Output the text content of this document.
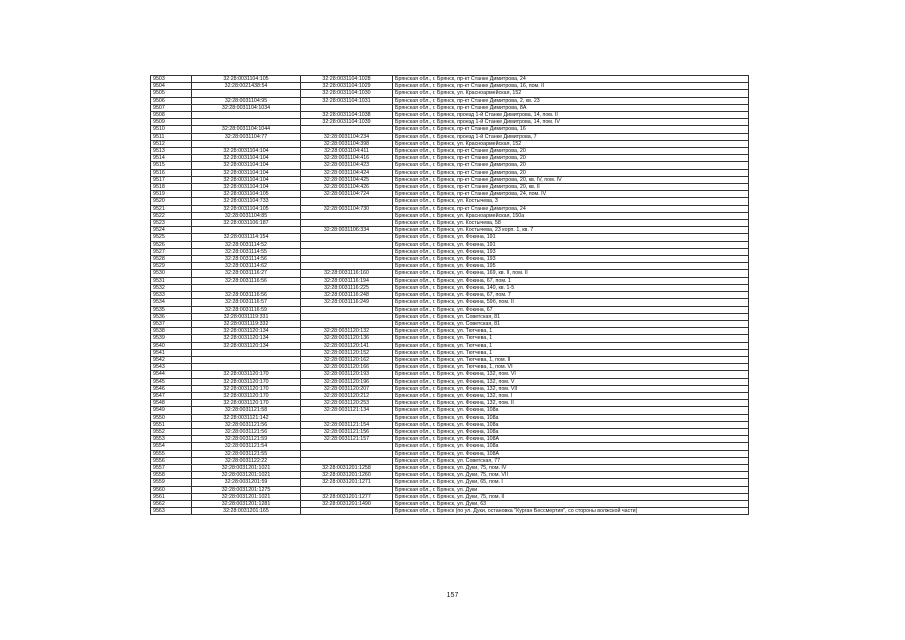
9503	32:28:0031104:105	32:28:0031104:1028	Брянская обл., г. Брянск, пр-кт Станке Димитрова, 24
9504	32:28:0021438:54	32:28:0031104:1029	Брянская обл., г. Брянск, пр-кт Станке Димитрова, 16, пом. II
9505		32:28:0031104:1030	Брянская обл., г. Брянск, ул. Красноармейская, 152
9506	32:28:0031104:95	32:28:0031104:1031	Брянская обл., г. Брянск, пр-кт Станке Димитрова, 2, кв. 23
9507	32:28:0031104:1034		Брянская обл., г. Брянск, пр-кт Станке Димитрова, 8А
9508		32:28:0031104:1038	Брянская обл., г. Брянск, проезд 1-й Станке Димитрова, 14, пом. II
9509		32:28:0031104:1039	Брянская обл., г. Брянск, проезд 1-й Станке Димитрова, 14, пом. IV
9510	32:28:0031104:1044		Брянская обл., г. Брянск, пр-кт Станке Димитрова, 16
9511	32:28:0031104:77	32:28:0031104:234	Брянская обл., г. Брянск, проезд 1-й Станке Димитрова, 7
9512		32:28:0031104:398	Брянская обл., г. Брянск, ул. Красноармейская, 152
9513	32:28:0031104:104	32:28:0031104:411	Брянская обл., г. Брянск, пр-кт Станке Димитрова, 20
9514	32:28:0031104:104	32:28:0031104:416	Брянская обл., г. Брянск, пр-кт Станке Димитрова, 20
9515	32:28:0031104:104	32:28:0031104:423	Брянская обл., г. Брянск, пр-кт Станке Димитрова, 20
9516	32:28:0031104:104	32:28:0031104:424	Брянская обл., г. Брянск, пр-кт Станке Димитрова, 20
9517	32:28:0031104:104	32:28:0031104:425	Брянская обл., г. Брянск, пр-кт Станке Димитрова, 20, кв. IV, пом. IV
9518	32:28:0031104:104	32:28:0031104:426	Брянская обл., г. Брянск, пр-кт Станке Димитрова, 20, кв. II
9519	32:28:0031104:105	32:28:0031104:724	Брянская обл., г. Брянск, пр-кт Станке Димитрова, 24, пом. IV
9520	32:28:0031104:733		Брянская обл., г. Брянск, ул. Костычева, 3
9521	32:28:0031104:105	32:28:0031104:730	Брянская обл., г. Брянск, пр-кт Станке Димитрова, 24
9522	32:28:0031104:85		Брянская обл., г. Брянск, ул. Красноармейская, 150а
9523	32:28:0031106:187		Брянская обл., г. Брянск, ул. Костычева, 58
9524		32:28:0031106:334	Брянская обл., г. Брянск, ул. Костычева, 23 корп. 1, кв. 7
9525	32:28:0031114:154		Брянская обл., г. Брянск, ул. Фокина, 191
9526	32:28:0031114:52		Брянская обл., г. Брянск, ул. Фокина, 191
9527	32:28:0031114:55		Брянская обл., г. Брянск, ул. Фокина, 193
9528	32:28:0031114:56		Брянская обл., г. Брянск, ул. Фокина, 193
9529	32:28:0031114:62		Брянская обл., г. Брянск, ул. Фокина, 195
9530	32:28:0031116:27	32:28:0031116:160	Брянская обл., г. Брянск, ул. Фокина, 169, кв. II, пом. II
9531	32:28:0031116:56	32:28:0031116:194	Брянская обл., г. Брянск, ул. Фокина, 67, пом. 1
9532		32:28:0031116:225	Брянская обл., г. Брянск, ул. Фокина, 140, кв. 1-5
9533	32:28:0031116:56	32:28:0031116:248	Брянская обл., г. Брянск, ул. Фокина, 67, пом. 7
9534	32:28:0031116:57	32:28:0031116:249	Брянская обл., г. Брянск, ул. Фокина, 59б, пом. II
9535	32:28:0031116:59		Брянская обл., г. Брянск, ул. Фокина, 67
9536	32:28:0031119:331		Брянская обл., г. Брянск, ул. Советская, 81
9537	32:28:0031119:332		Брянская обл., г. Брянск, ул. Советская, 81
9538	32:28:0031120:134	32:28:0031120:132	Брянская обл., г. Брянск, ул. Тютчева, 1
9539	32:28:0031120:134	32:28:0031120:136	Брянская обл., г. Брянск, ул. Тютчева, 1
9540	32:28:0031120:134	32:28:0031120:141	Брянская обл., г. Брянск, ул. Тютчева, 1
9541		32:28:0031120:152	Брянская обл., г. Брянск, ул. Тютчева, 1
9542		32:28:0031120:162	Брянская обл., г. Брянск, ул. Тютчева, 1, пом. II
9543		32:28:0031120:166	Брянская обл., г. Брянск, ул. Тютчева, 1, пом. VI
9544	32:28:0031120:170	32:28:0031120:193	Брянская обл., г. Брянск, ул. Фокина, 132, пом. VI
9545	32:28:0031120:170	32:28:0031120:196	Брянская обл., г. Брянск, ул. Фокина, 132, пом. V
9546	32:28:0031120:170	32:28:0031120:207	Брянская обл., г. Брянск, ул. Фокина, 132, пом. VII
9547	32:28:0031120:170	32:28:0031120:212	Брянская обл., г. Брянск, ул. Фокина, 132, пом. I
9548	32:28:0031120:170	32:28:0031120:253	Брянская обл., г. Брянск, ул. Фокина, 132, пом. II
9549	32:28:0031121:58	32:28:0031121:134	Брянская обл., г. Брянск, ул. Фокина, 108а
9550	32:28:0031121:142		Брянская обл., г. Брянск, ул. Фокина, 108а
9551	32:28:0031121:56	32:28:0031121:154	Брянская обл., г. Брянск, ул. Фокина, 108а
9552	32:28:0031121:56	32:28:0031121:156	Брянская обл., г. Брянск, ул. Фокина, 108а
9553	32:28:0031121:59	32:28:0031121:157	Брянская обл., г. Брянск, ул. Фокина, 108А
9554	32:28:0031121:54		Брянская обл., г. Брянск, ул. Фокина, 108а
9555	32:28:0031121:55		Брянская обл., г. Брянск, ул. Фокина, 108А
9556	32:28:0031122:22		Брянская обл., г. Брянск, ул. Советская, 77
9557	32:28:0031201:1021	32:28:0031201:1258	Брянская обл., г. Брянск, ул. Дуки, 75, пом. IV
9558	32:28:0031201:1021	32:28:0031201:1260	Брянская обл., г. Брянск, ул. Дуки, 75, пом. VII
9559	32:28:0031201:59	32:28:0031201:1271	Брянская обл., г. Брянск, ул. Дуки, 65, пом. I
9560	32:28:0031201:1275		Брянская обл., г. Брянск, ул. Дуки
9561	32:28:0031201:1021	32:28:0031201:1277	Брянская обл., г. Брянск, ул. Дуки, 75, пом. II
9562	32:28:0031201:1281	32:28:0031201:1490	Брянская обл., г. Брянск, ул. Дуки, 63
9563	32:28:0031201:165		Брянская обл., г. Брянск (по ул. Дуки, остановка "Курган Бессмертия", со стороны волжской части)
157
